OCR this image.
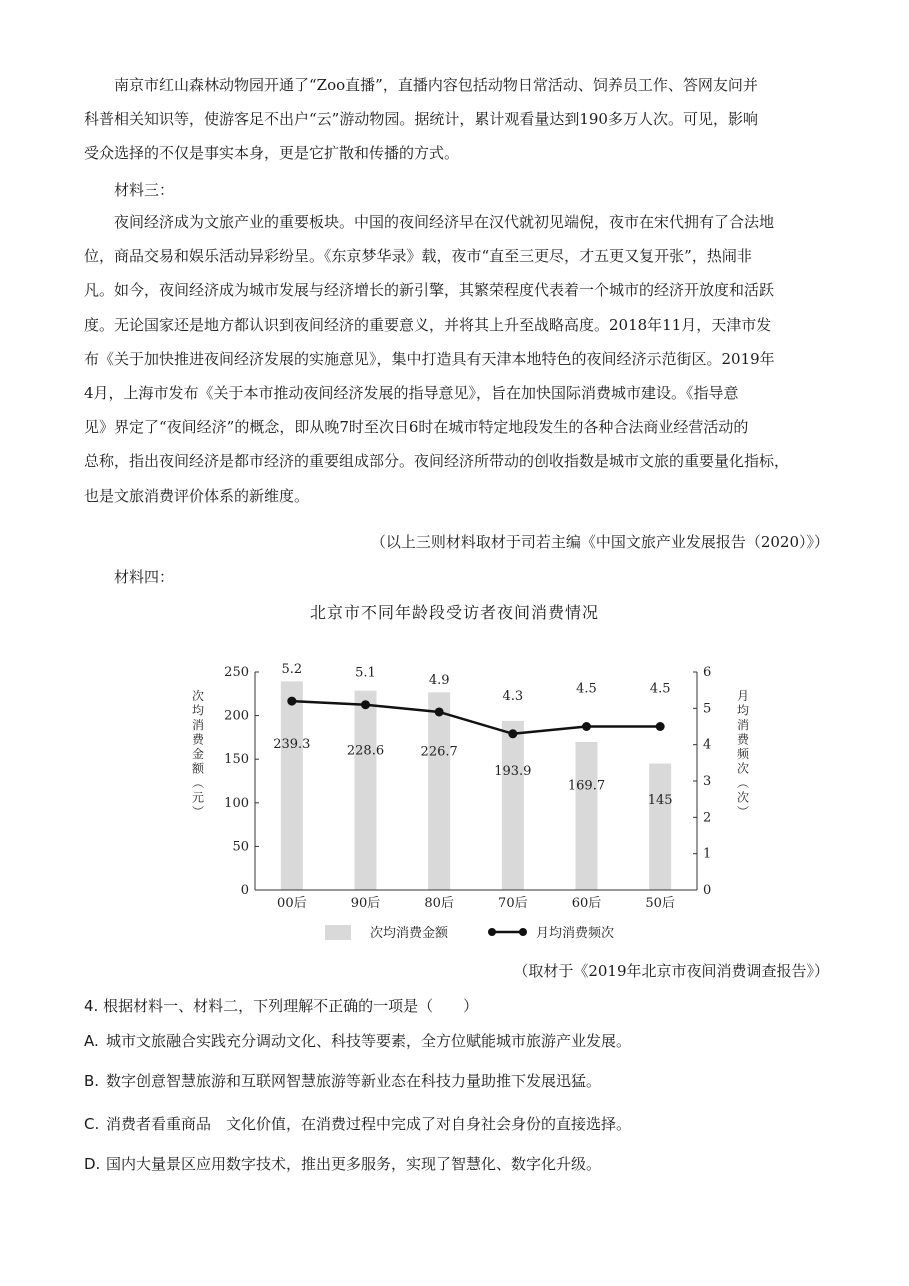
南京市红山森林动物园开通了“Zoo直播”，直播内容包括动物日常活动、饲养员工作、答网友问并
科普相关知识等，使游客足不出户“云”游动物园。据统计，累计观看量达到190多万人次。可见，影响
受众选择的不仅是事实本身，更是它扩散和传播的方式。

材料三：

夜间经济成为文旅产业的重要板块。中国的夜间经济早在汉代就初见端倪，夜市在宋代拥有了合法地
位，商品交易和娱乐活动异彩纷呈。《东京梦华录》载，夜市“直至三更尽，才五更又复开张”，热闹非
凡。如今，夜间经济成为城市发展与经济增长的新引擎，其繁荣程度代表着一个城市的经济开放度和活跃
度。无论国家还是地方都认识到夜间经济的重要意义，并将其上升至战略高度。2018年11月，天津市发
布《关于加快推进夜间经济发展的实施意见》，集中打造具有天津本地特色的夜间经济示范街区。2019年
4月，上海市发布《关于本市推动夜间经济发展的指导意见》，旨在加快国际消费城市建设。《指导意
见》界定了“夜间经济”的概念，即从晚7时至次日6时在城市特定地段发生的各种合法商业经营活动的
总称，指出夜间经济是都市经济的重要组成部分。夜间经济所带动的创收指数是城市文旅的重要量化指标，
也是文旅消费评价体系的新维度。

（以上三则材料取材于司若主编《中国文旅产业发展报告（2020）》）

材料四：

北京市不同年龄段受访者夜间消费情况

239.3	228.6	226.7
193.9
169.7
145
0
50
100
150
200
250
0
1
2
3
4
5
6
00后	90后	80后	70后	60后	50后
次均消费金额︵元︶
月均消费频次︵次︶
5.2	5.1	4.9
4.3	4.5	4.5
次均消费金额	月均消费频次

（取材于《2019年北京市夜间消费调查报告》）

4. 根据材料一、材料二，下列理解不正确的一项是（　　）

A. 城市文旅融合实践充分调动文化、科技等要素，全方位赋能城市旅游产业发展。

B. 数字创意智慧旅游和互联网智慧旅游等新业态在科技力量助推下发展迅猛。

C. 消费者看重商品　文化价值，在消费过程中完成了对自身社会身份的直接选择。

D. 国内大量景区应用数字技术，推出更多服务，实现了智慧化、数字化升级。
